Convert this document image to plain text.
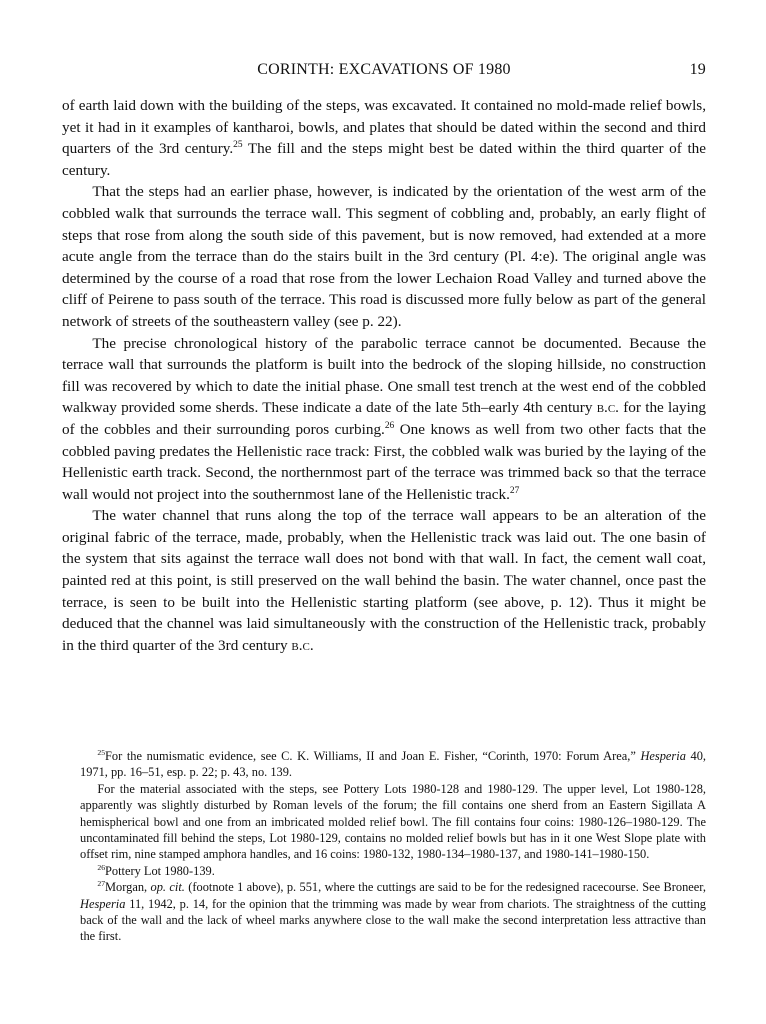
CORINTH: EXCAVATIONS OF 1980	19

of earth laid down with the building of the steps, was excavated. It contained no mold-made relief bowls, yet it had in it examples of kantharoi, bowls, and plates that should be dated within the second and third quarters of the 3rd century.$^{25}$ The fill and the steps might best be dated within the third quarter of the century.

That the steps had an earlier phase, however, is indicated by the orientation of the west arm of the cobbled walk that surrounds the terrace wall. This segment of cobbling and, probably, an early flight of steps that rose from along the south side of this pavement, but is now removed, had extended at a more acute angle from the terrace than do the stairs built in the 3rd century (Pl. 4:e). The original angle was determined by the course of a road that rose from the lower Lechaion Road Valley and turned above the cliff of Peirene to pass south of the terrace. This road is discussed more fully below as part of the general network of streets of the southeastern valley (see p. 22).

The precise chronological history of the parabolic terrace cannot be documented. Because the terrace wall that surrounds the platform is built into the bedrock of the sloping hillside, no construction fill was recovered by which to date the initial phase. One small test trench at the west end of the cobbled walkway provided some sherds. These indicate a date of the late 5th–early 4th century b.c. for the laying of the cobbles and their surrounding poros curbing.$^{26}$ One knows as well from two other facts that the cobbled paving predates the Hellenistic race track: First, the cobbled walk was buried by the laying of the Hellenistic earth track. Second, the northernmost part of the terrace was trimmed back so that the terrace wall would not project into the southernmost lane of the Hellenistic track.$^{27}$

The water channel that runs along the top of the terrace wall appears to be an alteration of the original fabric of the terrace, made, probably, when the Hellenistic track was laid out. The one basin of the system that sits against the terrace wall does not bond with that wall. In fact, the cement wall coat, painted red at this point, is still preserved on the wall behind the basin. The water channel, once past the terrace, is seen to be built into the Hellenistic starting platform (see above, p. 12). Thus it might be deduced that the channel was laid simultaneously with the construction of the Hellenistic track, probably in the third quarter of the 3rd century b.c.

$^{25}$For the numismatic evidence, see C. K. Williams, II and Joan E. Fisher, “Corinth, 1970: Forum Area,” Hesperia 40, 1971, pp. 16–51, esp. p. 22; p. 43, no. 139.

For the material associated with the steps, see Pottery Lots 1980-128 and 1980-129. The upper level, Lot 1980-128, apparently was slightly disturbed by Roman levels of the forum; the fill contains one sherd from an Eastern Sigillata A hemispherical bowl and one from an imbricated molded relief bowl. The fill contains four coins: 1980-126–1980-129. The uncontaminated fill behind the steps, Lot 1980-129, contains no molded relief bowls but has in it one West Slope plate with offset rim, nine stamped amphora handles, and 16 coins: 1980-132, 1980-134–1980-137, and 1980-141–1980-150.

$^{26}$Pottery Lot 1980-139.

$^{27}$Morgan, op. cit. (footnote 1 above), p. 551, where the cuttings are said to be for the redesigned racecourse. See Broneer, Hesperia 11, 1942, p. 14, for the opinion that the trimming was made by wear from chariots. The straightness of the cutting back of the wall and the lack of wheel marks anywhere close to the wall make the second interpretation less attractive than the first.
